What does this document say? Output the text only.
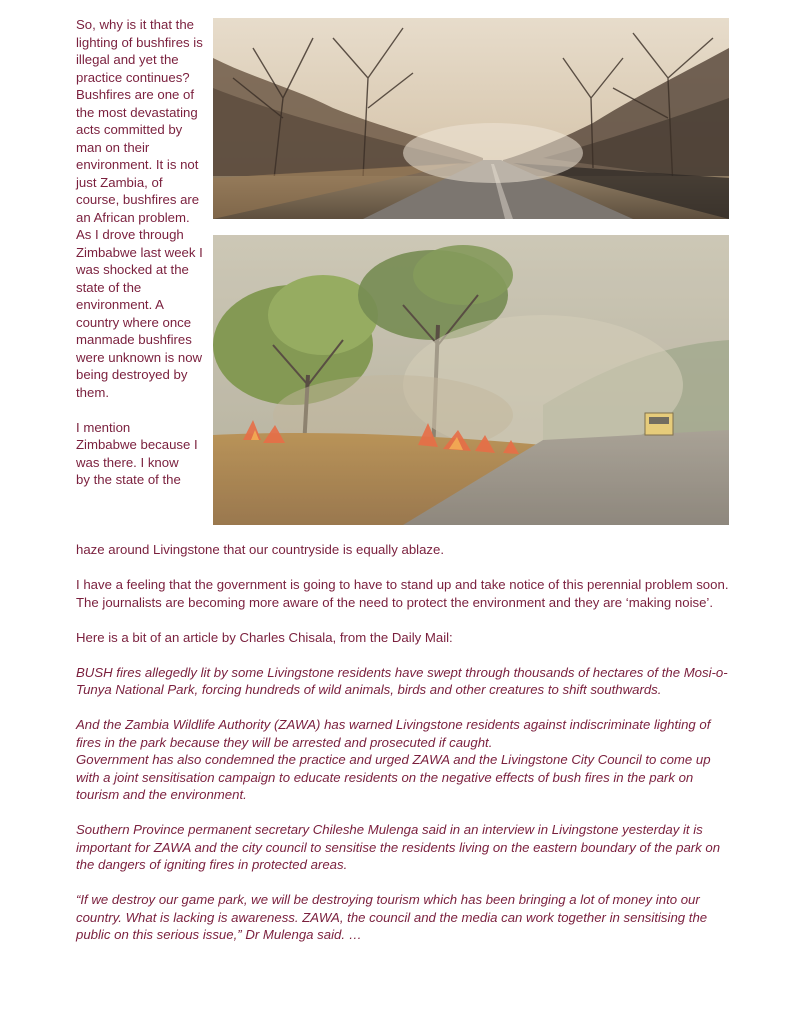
So, why is it that the lighting of bushfires is illegal and yet the practice continues? Bushfires are one of the most devastating acts committed by man on their environment. It is not just Zambia, of course, bushfires are an African problem. As I drove through Zimbabwe last week I was shocked at the state of the environment. A country where once manmade bushfires were unknown is now being destroyed by them.

I mention
Zimbabwe because I
was there. I know
by the state of the

haze around Livingstone that our countryside is equally ablaze.

I have a feeling that the government is going to have to stand up and take notice of this perennial problem soon. The journalists are becoming more aware of the need to protect the environment and they are ‘making noise’.

Here is a bit of an article by Charles Chisala, from the Daily Mail:

BUSH fires allegedly lit by some Livingstone residents have swept through thousands of hectares of the Mosi-o-Tunya National Park, forcing hundreds of wild animals, birds and other creatures to shift southwards.

And the Zambia Wildlife Authority (ZAWA) has warned Livingstone residents against indiscriminate lighting of fires in the park because they will be arrested and prosecuted if caught.

Government has also condemned the practice and urged ZAWA and the Livingstone City Council to come up with a joint sensitisation campaign to educate residents on the negative effects of bush fires in the park on tourism and the environment.

Southern Province permanent secretary Chileshe Mulenga said in an interview in Livingstone yesterday it is important for ZAWA and the city council to sensitise the residents living on the eastern boundary of the park on the dangers of igniting fires in protected areas.

“If we destroy our game park, we will be destroying tourism which has been bringing a lot of money into our country. What is lacking is awareness. ZAWA, the council and the media can work together in sensitising the public on this serious issue,” Dr Mulenga said. …
